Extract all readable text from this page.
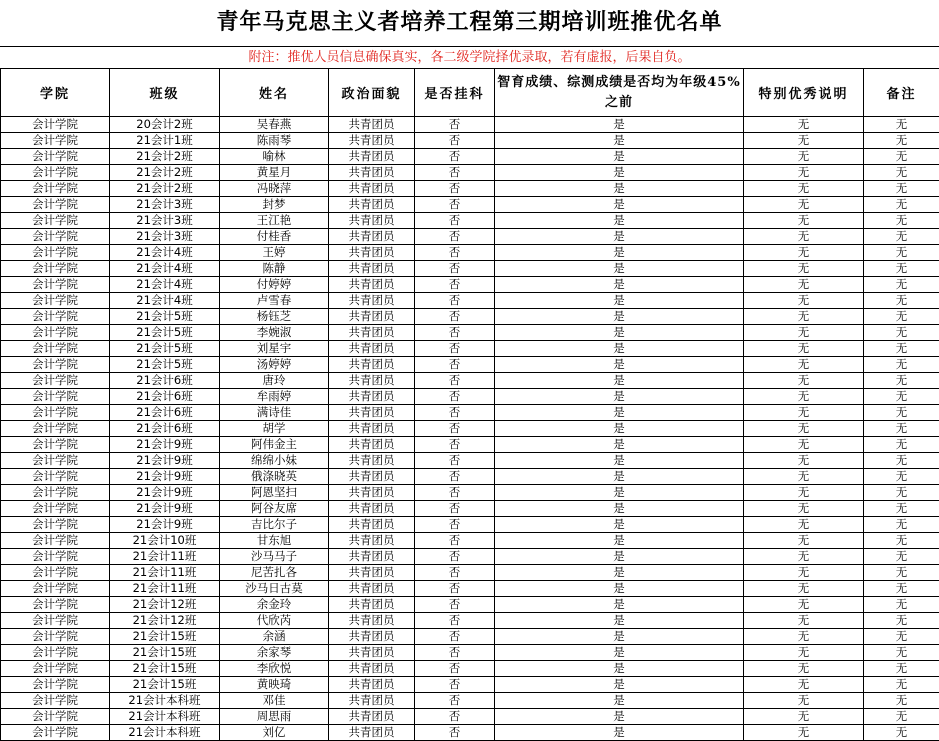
青年马克思主义者培养工程第三期培训班推优名单
附注：推优人员信息确保真实，各二级学院择优录取，若有虚报，后果自负。
学院	班级	姓名	政治面貌	是否挂科	智育成绩、综测成绩是否均为年级45%之前	特别优秀说明	备注
会计学院	20会计2班	吴春燕	共青团员	否	是	无	无
会计学院	21会计1班	陈雨琴	共青团员	否	是	无	无
会计学院	21会计2班	喻林	共青团员	否	是	无	无
会计学院	21会计2班	黄星月	共青团员	否	是	无	无
会计学院	21会计2班	冯晓萍	共青团员	否	是	无	无
会计学院	21会计3班	封梦	共青团员	否	是	无	无
会计学院	21会计3班	王江艳	共青团员	否	是	无	无
会计学院	21会计3班	付桂香	共青团员	否	是	无	无
会计学院	21会计4班	王婷	共青团员	否	是	无	无
会计学院	21会计4班	陈静	共青团员	否	是	无	无
会计学院	21会计4班	付婷婷	共青团员	否	是	无	无
会计学院	21会计4班	卢雪春	共青团员	否	是	无	无
会计学院	21会计5班	杨钰芝	共青团员	否	是	无	无
会计学院	21会计5班	李婉淑	共青团员	否	是	无	无
会计学院	21会计5班	刘星宇	共青团员	否	是	无	无
会计学院	21会计5班	汤婷婷	共青团员	否	是	无	无
会计学院	21会计6班	唐玲	共青团员	否	是	无	无
会计学院	21会计6班	牟雨婷	共青团员	否	是	无	无
会计学院	21会计6班	满诗佳	共青团员	否	是	无	无
会计学院	21会计6班	胡学	共青团员	否	是	无	无
会计学院	21会计9班	阿伟金主	共青团员	否	是	无	无
会计学院	21会计9班	绵绵小妹	共青团员	否	是	无	无
会计学院	21会计9班	俄涤晓英	共青团员	否	是	无	无
会计学院	21会计9班	阿恩坚扫	共青团员	否	是	无	无
会计学院	21会计9班	阿谷友席	共青团员	否	是	无	无
会计学院	21会计9班	吉比尔子	共青团员	否	是	无	无
会计学院	21会计10班	甘东旭	共青团员	否	是	无	无
会计学院	21会计11班	沙马马子	共青团员	否	是	无	无
会计学院	21会计11班	尼苦扎各	共青团员	否	是	无	无
会计学院	21会计11班	沙马日古莫	共青团员	否	是	无	无
会计学院	21会计12班	余金玲	共青团员	否	是	无	无
会计学院	21会计12班	代欣芮	共青团员	否	是	无	无
会计学院	21会计15班	余涵	共青团员	否	是	无	无
会计学院	21会计15班	余家琴	共青团员	否	是	无	无
会计学院	21会计15班	李欣悦	共青团员	否	是	无	无
会计学院	21会计15班	黄映琦	共青团员	否	是	无	无
会计学院	21会计本科班	邓佳	共青团员	否	是	无	无
会计学院	21会计本科班	周思雨	共青团员	否	是	无	无
会计学院	21会计本科班	刘亿	共青团员	否	是	无	无
